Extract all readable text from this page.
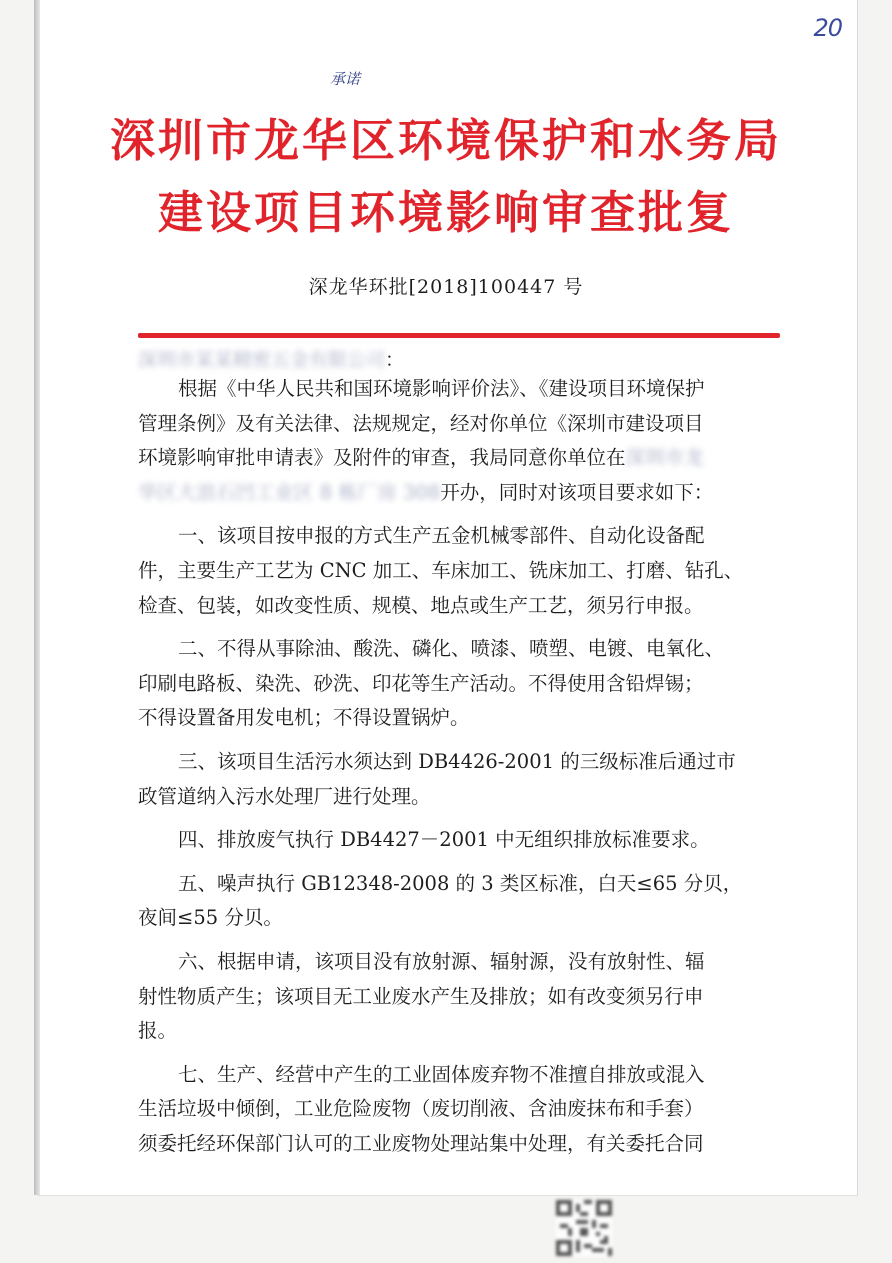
20
承诺
深圳市龙华区环境保护和水务局
建设项目环境影响审查批复
深龙华环批[2018]100447 号
深圳市某某精密五金有限公司 ：
根据《中华人民共和国环境影响评价法》、《建设项目环境保护
管理条例》及有关法律、法规规定，经对你单位《深圳市建设项目
环境影响审批申请表》及附件的审查，我局同意你单位在深圳市龙
华区大浪石凹工业区 8 栋厂房 308开办，同时对该项目要求如下：
一、该项目按申报的方式生产五金机械零部件、自动化设备配
件，主要生产工艺为 CNC 加工、车床加工、铣床加工、打磨、钻孔、
检查、包装，如改变性质、规模、地点或生产工艺，须另行申报。
二、不得从事除油、酸洗、磷化、喷漆、喷塑、电镀、电氧化、
印刷电路板、染洗、砂洗、印花等生产活动。不得使用含铅焊锡；
不得设置备用发电机；不得设置锅炉。
三、该项目生活污水须达到 DB4426-2001 的三级标准后通过市
政管道纳入污水处理厂进行处理。
四、排放废气执行 DB4427－2001 中无组织排放标准要求。
五、噪声执行 GB12348-2008 的 3 类区标准，白天≤65 分贝，
夜间≤55 分贝。
六、根据申请，该项目没有放射源、辐射源，没有放射性、辐
射性物质产生；该项目无工业废水产生及排放；如有改变须另行申
报。
七、生产、经营中产生的工业固体废弃物不准擅自排放或混入
生活垃圾中倾倒，工业危险废物（废切削液、含油废抹布和手套）
须委托经环保部门认可的工业废物处理站集中处理，有关委托合同
